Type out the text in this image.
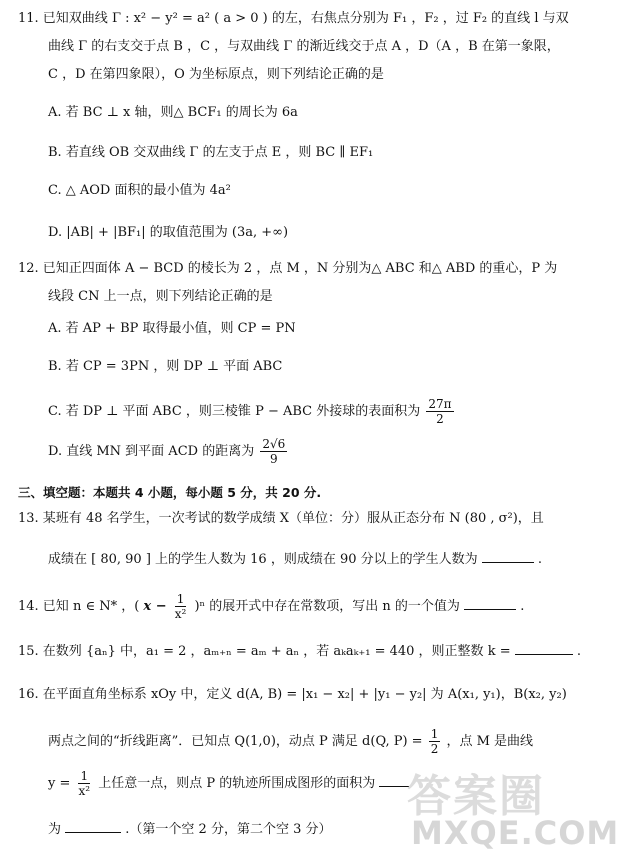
11. 已知双曲线 Γ : x² − y² = a² ( a > 0 ) 的左，右焦点分别为 F₁ ，F₂ ，过 F₂ 的直线 l 与双
曲线 Γ 的右支交于点 B ，C ，与双曲线 Γ 的渐近线交于点 A ，D（A ，B 在第一象限，
C ，D 在第四象限），O 为坐标原点，则下列结论正确的是
A. 若 BC ⊥ x 轴，则△ BCF₁ 的周长为 6a
B. 若直线 OB 交双曲线 Γ 的左支于点 E ，则 BC ∥ EF₁
C. △ AOD 面积的最小值为 4a²
D. |AB| + |BF₁| 的取值范围为 (3a, +∞)
12. 已知正四面体 A − BCD 的棱长为 2 ，点 M ，N 分别为△ ABC 和△ ABD 的重心，P 为
线段 CN 上一点，则下列结论正确的是
A. 若 AP + BP 取得最小值，则 CP = PN
B. 若 CP = 3PN ，则 DP ⊥ 平面 ABC
C. 若 DP ⊥ 平面 ABC ，则三棱锥 P − ABC 外接球的表面积为 $\frac{27\pi}{2}$
D. 直线 MN 到平面 ACD 的距离为 $\frac{2√6}{9}$
三、填空题：本题共 4 小题，每小题 5 分，共 20 分.
13. 某班有 48 名学生，一次考试的数学成绩 X（单位：分）服从正态分布 N (80 , σ²)，且
成绩在 [ 80, 90 ] 上的学生人数为 16 ，则成绩在 90 分以上的学生人数为	.
14. 已知 n ∈ N* ，( $x - \frac{1}{\text{x²}} )^n$ 的展开式中存在常数项，写出 n 的一个值为	.
15. 在数列 {aₙ} 中，a₁ = 2 ，aₘ₊ₙ = aₘ + aₙ ，若 aₖaₖ₊₁ = 440 ，则正整数 k =	.
16. 在平面直角坐标系 xOy 中，定义 d(A, B) = |x₁ − x₂| + |y₁ − y₂| 为 A(x₁, y₁)，B(x₂, y₂)
两点之间的“折线距离”．已知点 Q(1,0)，动点 P 满足 d(Q, $P) = \frac{1}{2}$ ，点 M 是曲线
$y = \frac{1}{\text{x²}}$ 上任意一点，则点 P 的轨迹所围成图形的面积为
为	.（第一个空 2 分，第二个空 3 分）
答案圈
MXQE.COM
